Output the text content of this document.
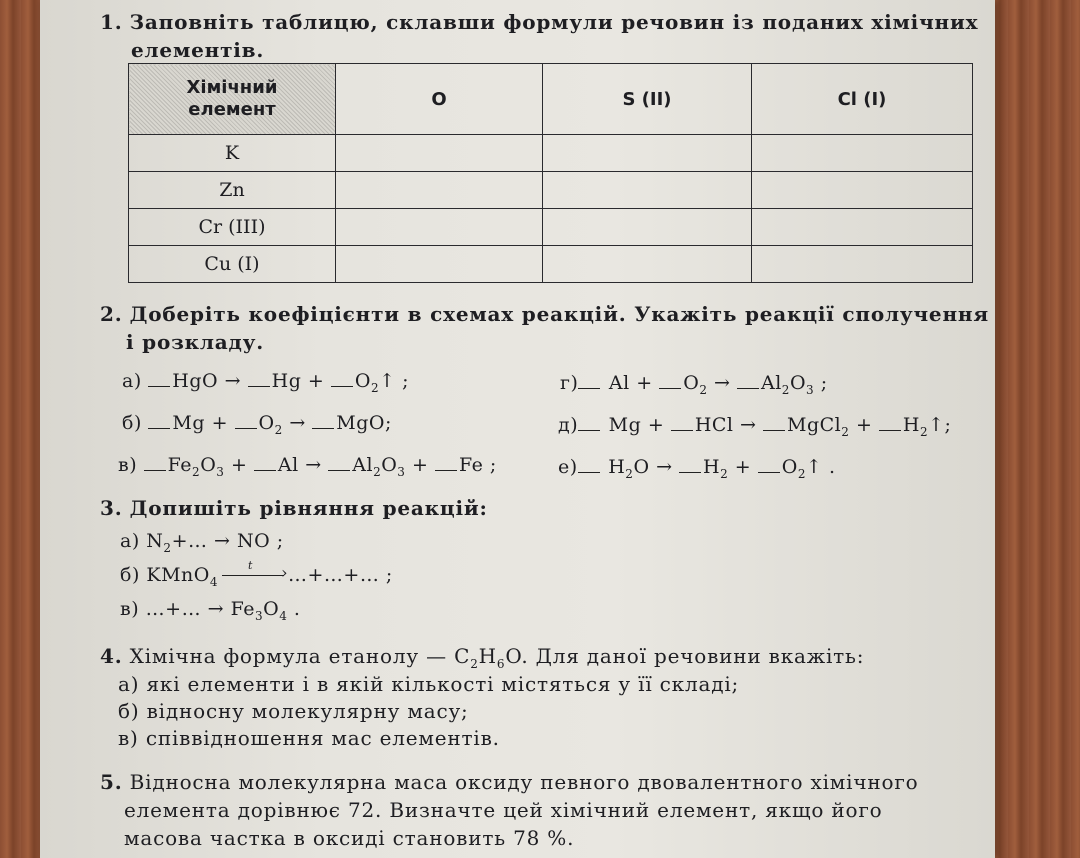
1. Заповніть таблицю, склавши формули речовин із поданих хімічних
елементів.
Хімічний
елемент	O	S (II)	Cl (I)
K			
Zn			
Cr (III)			
Cu (I)			
2. Доберіть коефіцієнти в схемах реакцій. Укажіть реакції сполучення
і розкладу.
а) HgO → $Hg + O_2↑$ ;
б) $Mg + O_2$ → MgO;
в) $Fe_2O_3 + Al \to Al_2O_3 + Fe$ ;
г) $Al + O_2 \to Al_2O_3$ ;
д) Mg + HCl → MgCl$_2$ + $H_2↑$;
е) $H_2O \to H_2$ + $O_2↑$ .
3. Допишіть рівняння реакцій:
а) $N_2+\dots$ → NO ;
б) KMnO$_4$
t
› …+…+… ;
в) …+… → $Fe_3O_4$ .
4. Хімічна формула етанолу — $C_2H_6O$. Для даної речовини вкажіть:
а) які елементи і в якій кількості містяться у її складі;
б) відносну молекулярну масу;
в) співвідношення мас елементів.
5. Відносна молекулярна маса оксиду певного двовалентного хімічного
елемента дорівнює 72. Визначте цей хімічний елемент, якщо його
масова частка в оксиді становить 78 %.
